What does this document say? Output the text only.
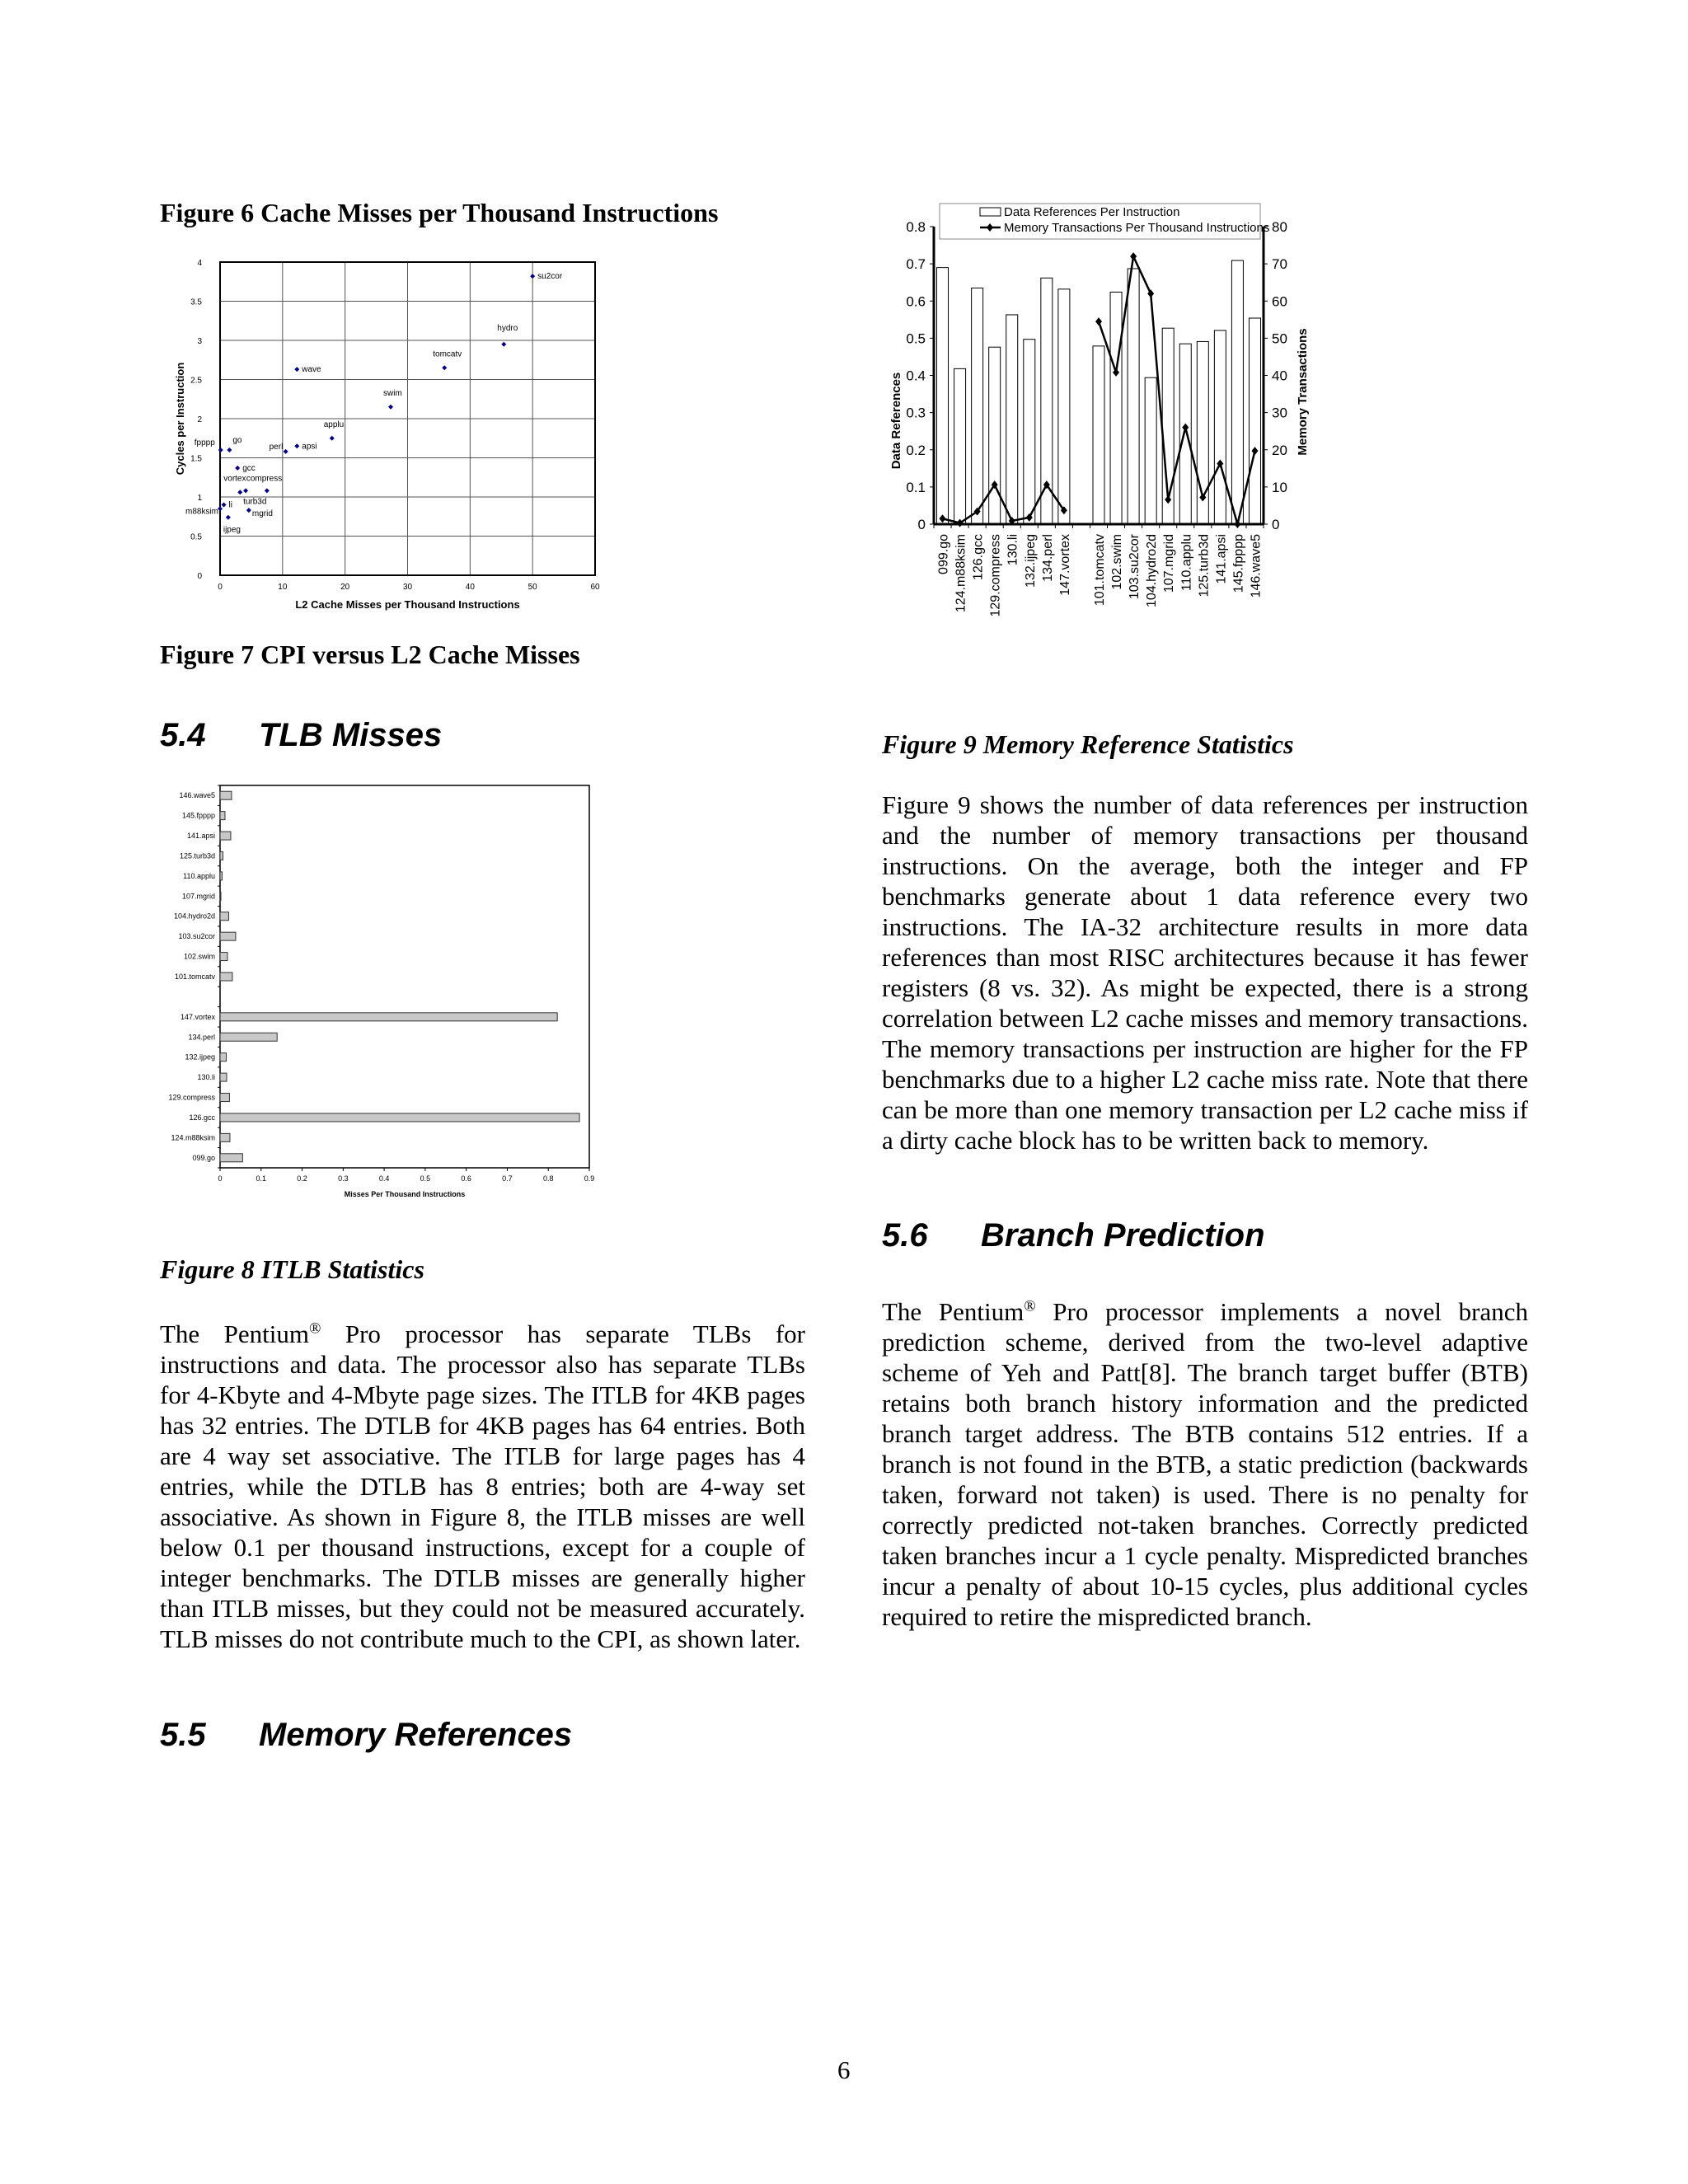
Figure 6 Cache Misses per Thousand Instructions
0	10	20	30	40	50	60
0
0.5
1
1.5
2
2.5
3
3.5
4
fpppp go
gcc
vortex compress
turb3d
li
m88ksim
ijpeg
mgrid
perl apsi
wave
applu
swim
tomcatv
hydro
su2cor
L2 Cache Misses per Thousand Instructions
Cycles per Instruction
Figure 7 CPI versus L2 Cache Misses
5.4 TLB Misses
0	0.1	0.2	0.3	0.4	0.5	0.6	0.7	0.8	0.9
146.wave5
145.fpppp
141.apsi
125.turb3d
110.applu
107.mgrid
104.hydro2d
103.su2cor
102.swim
101.tomcatv
147.vortex
134.perl
132.ijpeg
130.li
129.compress
126.gcc
124.m88ksim
099.go
Misses Per Thousand Instructions
Figure 8 ITLB Statistics
The Pentium® Pro processor has separate TLBs for instructions and data. The processor also has separate TLBs for 4-Kbyte and 4-Mbyte page sizes. The ITLB for 4KB pages has 32 entries. The DTLB for 4KB pages has 64 entries. Both are 4 way set associative. The ITLB for large pages has 4 entries, while the DTLB has 8 entries; both are 4-way set associative. As shown in Figure 8, the ITLB misses are well below 0.1 per thousand instructions, except for a couple of integer benchmarks. The DTLB misses are generally higher than ITLB misses, but they could not be measured accurately. TLB misses do not contribute much to the CPI, as shown later.
5.5 Memory References
0
0.1
0.2
0.3
0.4
0.5
0.6
0.7
0.8
0
10
20
30
40
50
60
70
80
099.go 124.m88ksim 126.gcc 129.compress 130.li 132.ijpeg 134.perl 147.vortex 101.tomcatv 102.swim 103.su2cor 104.hydro2d 107.mgrid 110.applu 125.turb3d 141.apsi 145.fpppp 146.wave5
Data References Per Instruction
Memory Transactions Per Thousand Instructions
Data References	Memory Transactions
Figure 9 Memory Reference Statistics
Figure 9 shows the number of data references per instruction and the number of memory transactions per thousand instructions. On the average, both the integer and FP benchmarks generate about 1 data reference every two instructions. The IA-32 architecture results in more data references than most RISC architectures because it has fewer registers (8 vs. 32). As might be expected, there is a strong correlation between L2 cache misses and memory transactions. The memory transactions per instruction are higher for the FP benchmarks due to a higher L2 cache miss rate. Note that there can be more than one memory transaction per L2 cache miss if a dirty cache block has to be written back to memory.
5.6 Branch Prediction
The Pentium® Pro processor implements a novel branch prediction scheme, derived from the two-level adaptive scheme of Yeh and Patt[8]. The branch target buffer (BTB) retains both branch history information and the predicted branch target address. The BTB contains 512 entries. If a branch is not found in the BTB, a static prediction (backwards taken, forward not taken) is used. There is no penalty for correctly predicted not-taken branches. Correctly predicted taken branches incur a 1 cycle penalty. Mispredicted branches incur a penalty of about 10-15 cycles, plus additional cycles required to retire the mispredicted branch.
6
